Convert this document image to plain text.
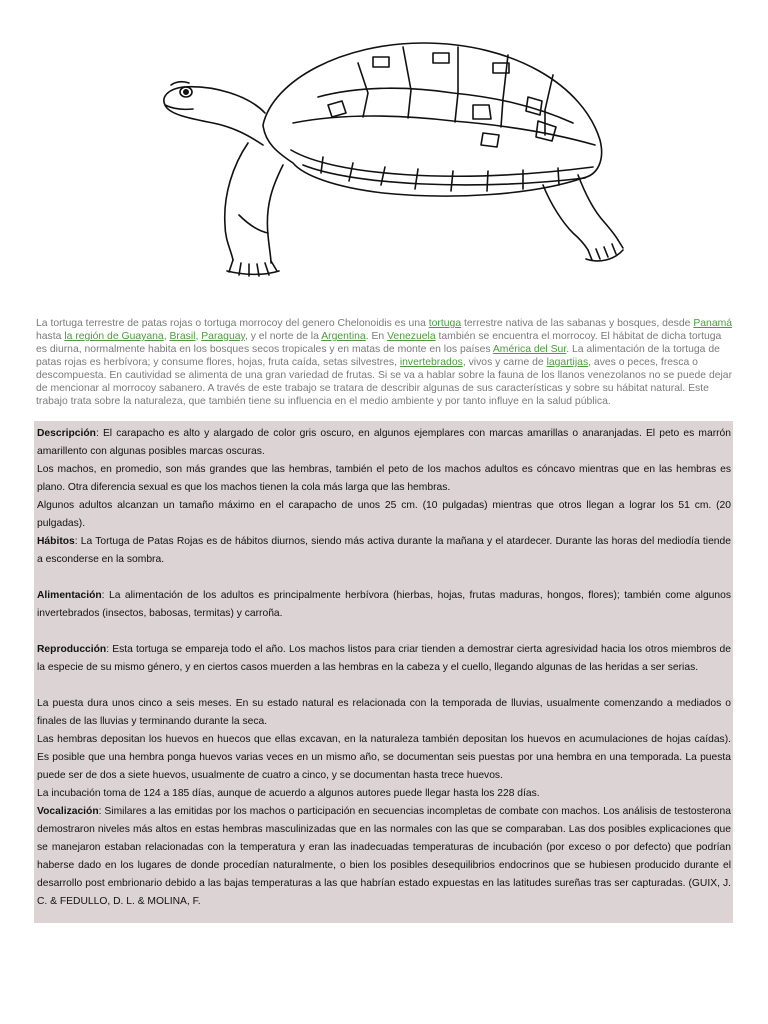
La tortuga terrestre de patas rojas o tortuga morrocoy del genero Chelonoidis es una tortuga terrestre nativa de las sabanas y bosques, desde Panamá hasta la región de Guayana, Brasil, Paraguay, y el norte de la Argentina. En Venezuela también se encuentra el morrocoy. El hábitat de dicha tortuga es diurna, normalmente habita en los bosques secos tropicales y en matas de monte en los países América del Sur. La alimentación de la tortuga de patas rojas es herbívora; y consume flores, hojas, fruta caída, setas silvestres, invertebrados, vivos y carne de lagartijas, aves o peces, fresca o descompuesta. En cautividad se alimenta de una gran variedad de frutas. Si se va a hablar sobre la fauna de los llanos venezolanos no se puede dejar de mencionar al morrocoy sabanero. A través de este trabajo se tratara de describir algunas de sus características y sobre su hábitat natural. Este trabajo trata sobre la naturaleza, que también tiene su influencia en el medio ambiente y por tanto influye en la salud pública.

Descripción: El carapacho es alto y alargado de color gris oscuro, en algunos ejemplares con marcas amarillas o anaranjadas. El peto es marrón amarillento con algunas posibles marcas oscuras.

Los machos, en promedio, son más grandes que las hembras, también el peto de los machos adultos es cóncavo mientras que en las hembras es plano. Otra diferencia sexual es que los machos tienen la cola más larga que las hembras.

Algunos adultos alcanzan un tamaño máximo en el carapacho de unos 25 cm. (10 pulgadas) mientras que otros llegan a lograr los 51 cm. (20 pulgadas).

Hábitos: La Tortuga de Patas Rojas es de hábitos diurnos, siendo más activa durante la mañana y el atardecer. Durante las horas del mediodía tiende a esconderse en la sombra.

Alimentación: La alimentación de los adultos es principalmente herbívora (hierbas, hojas, frutas maduras, hongos, flores); también come algunos invertebrados (insectos, babosas, termitas) y carroña.

Reproducción: Esta tortuga se empareja todo el año. Los machos listos para criar tienden a demostrar cierta agresividad hacia los otros miembros de la especie de su mismo género, y en ciertos casos muerden a las hembras en la cabeza y el cuello, llegando algunas de las heridas a ser serias.

La puesta dura unos cinco a seis meses. En su estado natural es relacionada con la temporada de lluvias, usualmente comenzando a mediados o finales de las lluvias y terminando durante la seca.

Las hembras depositan los huevos en huecos que ellas excavan, en la naturaleza también depositan los huevos en acumulaciones de hojas caídas). Es posible que una hembra ponga huevos varias veces en un mismo año, se documentan seis puestas por una hembra en una temporada. La puesta puede ser de dos a siete huevos, usualmente de cuatro a cinco, y se documentan hasta trece huevos.

La incubación toma de 124 a 185 días, aunque de acuerdo a algunos autores puede llegar hasta los 228 días.

Vocalización: Similares a las emitidas por los machos o participación en secuencias incompletas de combate con machos. Los análisis de testosterona demostraron niveles más altos en estas hembras masculinizadas que en las normales con las que se comparaban. Las dos posibles explicaciones que se manejaron estaban relacionadas con la temperatura y eran las inadecuadas temperaturas de incubación (por exceso o por defecto) que podrían haberse dado en los lugares de donde procedían naturalmente, o bien los posibles desequilibrios endocrinos que se hubiesen producido durante el desarrollo post embrionario debido a las bajas temperaturas a las que habrían estado expuestas en las latitudes sureñas tras ser capturadas. (GUIX, J. C. & FEDULLO, D. L. & MOLINA, F.
